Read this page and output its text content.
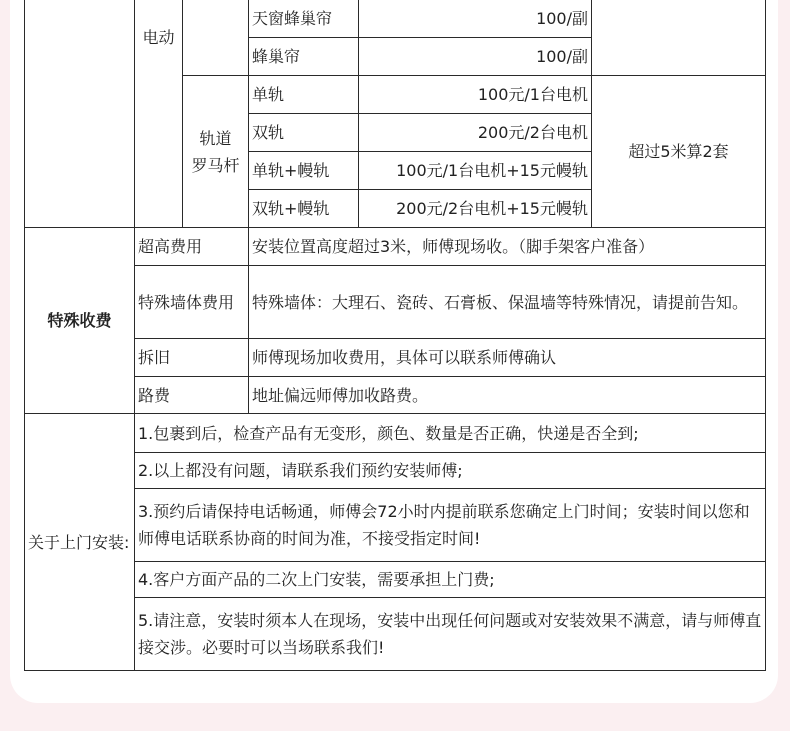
电动
轨道
罗马杆
天窗蜂巢帘	100/副
蜂巢帘	100/副
单轨	100元/1台电机
双轨	200元/2台电机
单轨+幔轨	100元/1台电机+15元幔轨
双轨+幔轨	200元/2台电机+15元幔轨
超过5米算2套
特殊收费
超高费用	安装位置高度超过3米，师傅现场收。（脚手架客户准备）
特殊墙体费用	特殊墙体：大理石、瓷砖、石膏板、保温墙等特殊情况，请提前告知。
拆旧	师傅现场加收费用，具体可以联系师傅确认
路费	地址偏远师傅加收路费。
关于上门安装:
1.包裹到后，检查产品有无变形，颜色、数量是否正确，快递是否全到;
2.以上都没有问题，请联系我们预约安装师傅;
3.预约后请保持电话畅通，师傅会72小时内提前联系您确定上门时间；安装时间以您和师傅电话联系协商的时间为准，不接受指定时间!
4.客户方面产品的二次上门安装，需要承担上门费;
5.请注意，安装时须本人在现场，安装中出现任何问题或对安装效果不满意，请与师傅直接交涉。必要时可以当场联系我们!
